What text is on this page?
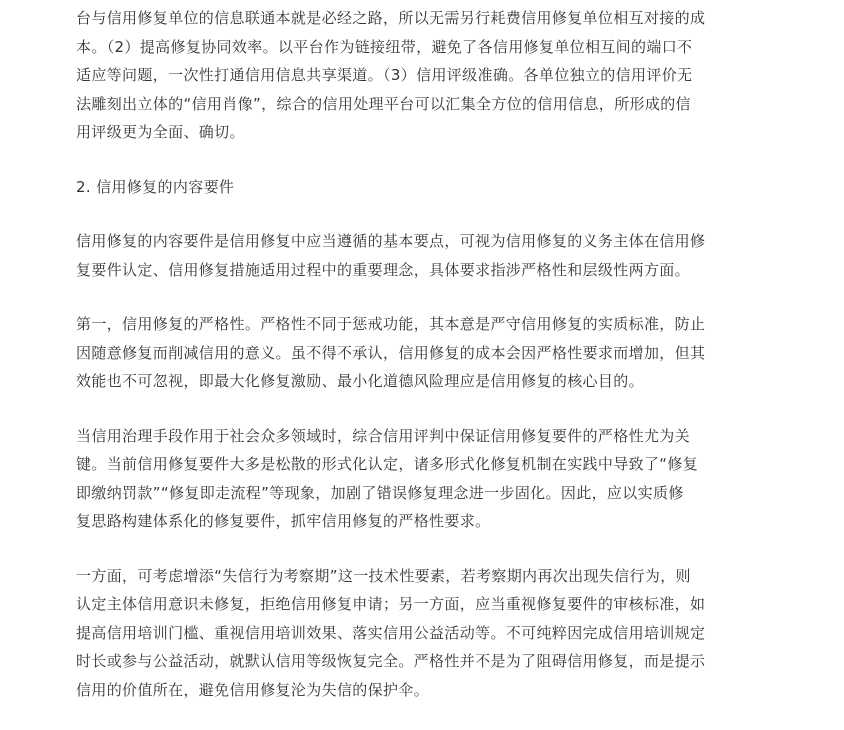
台与信用修复单位的信息联通本就是必经之路，所以无需另行耗费信用修复单位相互对接的成
本。（2）提高修复协同效率。以平台作为链接纽带，避免了各信用修复单位相互间的端口不
适应等问题，一次性打通信用信息共享渠道。（3）信用评级准确。各单位独立的信用评价无
法雕刻出立体的“信用肖像”，综合的信用处理平台可以汇集全方位的信用信息，所形成的信
用评级更为全面、确切。

2. 信用修复的内容要件

信用修复的内容要件是信用修复中应当遵循的基本要点，可视为信用修复的义务主体在信用修
复要件认定、信用修复措施适用过程中的重要理念，具体要求指涉严格性和层级性两方面。

第一，信用修复的严格性。严格性不同于惩戒功能，其本意是严守信用修复的实质标准，防止
因随意修复而削减信用的意义。虽不得不承认，信用修复的成本会因严格性要求而增加，但其
效能也不可忽视，即最大化修复激励、最小化道德风险理应是信用修复的核心目的。

当信用治理手段作用于社会众多领域时，综合信用评判中保证信用修复要件的严格性尤为关
键。当前信用修复要件大多是松散的形式化认定，诸多形式化修复机制在实践中导致了“修复
即缴纳罚款”“修复即走流程”等现象，加剧了错误修复理念进一步固化。因此，应以实质修
复思路构建体系化的修复要件，抓牢信用修复的严格性要求。

一方面，可考虑增添“失信行为考察期”这一技术性要素，若考察期内再次出现失信行为，则
认定主体信用意识未修复，拒绝信用修复申请；另一方面，应当重视修复要件的审核标准，如
提高信用培训门槛、重视信用培训效果、落实信用公益活动等。不可纯粹因完成信用培训规定
时长或参与公益活动，就默认信用等级恢复完全。严格性并不是为了阻碍信用修复，而是提示
信用的价值所在，避免信用修复沦为失信的保护伞。
